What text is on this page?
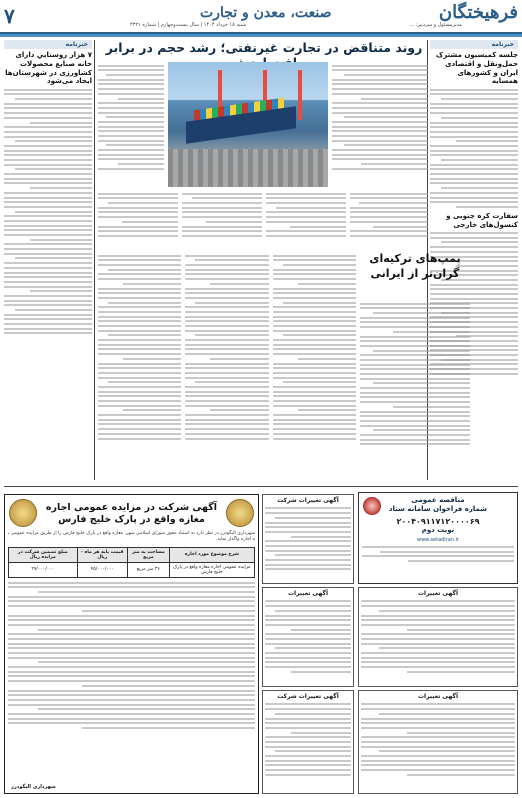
فرهیختگان
صنعت، معدن و تجارت
۷	مدیرمسئول و سردبیر: ...
شنبه ۱۸ خرداد ۱۴۰۴ | سال بیست‌وچهارم | شماره ۴۳۲۱
خبرنامه
جلسه کمیسیون مشترک حمل‌ونقل و اقتصادی ایران و کشورهای همسایه
سفارت کره جنوبی و کنسول‌های خارجی
روند متناقض در تجارت غیرنفتی؛ رشد حجم در برابر
خبرنامه
۷ هزار روستاییِ دارای خانه صنایع محصولات کشاورزی در شهرستان‌ها ایجاد می‌شود
پمپ‌های ترکیه‌ای گران‌تر از ایرانی
آگهی شرکت در مزایده عمومی اجاره مغازه واقع در پارک خلیج فارس
شهرداری الیگودرز در نظر دارد به استناد مجوز شورای اسلامی شهر، مغازه واقع در پارک خلیج فارس را از طریق مزایده عمومی به اجاره واگذار نماید.
شرح موضوع مورد اجاره	مساحت به متر مربع	قیمت پایه هر ماه - ریال	مبلغ تضمین شرکت در مزایده ریال
مزایده عمومی اجاره مغازه واقع در پارک خلیج فارس	۳۶ متر مربع	۴۵/۰۰۰/۰۰۰	۲۷/۰۰۰/۰۰۰
شهرداری الیگودرز
آگهی تغییرات شرکت
آگهی تغییرات
آگهی تغییرات شرکت
مناقصه عمومی
شماره فراخوان سامانه ستاد
۲۰۰۴۰۹۱۱۷۱۲۰۰۰۰۶۹
نوبت دوم
www.setadiran.ir
آگهی تغییرات
آگهی تغییرات
